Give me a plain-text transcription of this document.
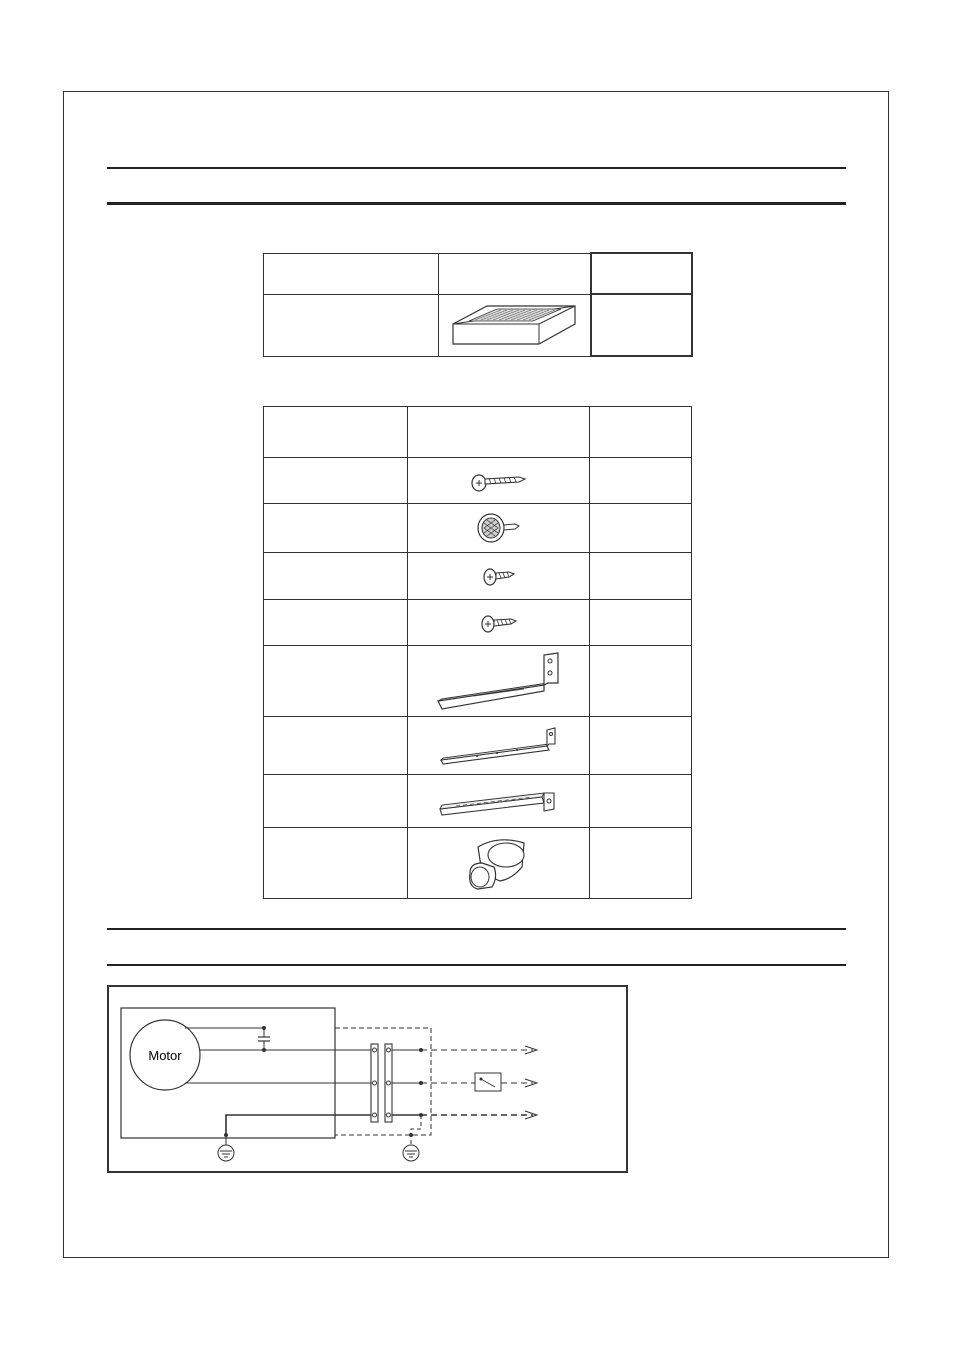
Motor
